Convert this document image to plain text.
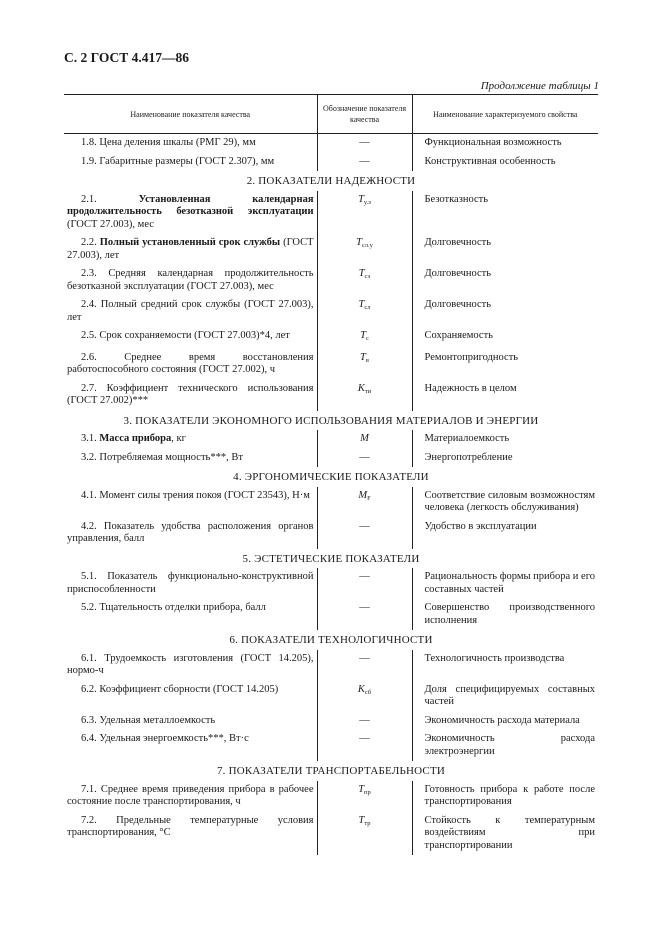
С. 2 ГОСТ 4.417—86
Продолжение таблицы 1
Наименование показателя качества	Обозначение показателя качества	Наименование характеризуемого свойства
1.8. Цена деления шкалы (РМГ 29), мм	—	Функциональная возможность
1.9. Габаритные размеры (ГОСТ 2.307), мм	—	Конструктивная особенность
2. ПОКАЗАТЕЛИ НАДЕЖНОСТИ		
2.1. Установленная календарная продолжительность безотказной эксплуатации (ГОСТ 27.003), мес	$T_{у.э}$	Безотказность
2.2. Полный установленный срок службы (ГОСТ 27.003), лет	$T_{сл.у}$	Долговечность
2.3. Средняя календарная продолжительность безотказной эксплуатации (ГОСТ 27.003), мес	$T_{сэ}$	Долговечность
2.4. Полный средний срок службы (ГОСТ 27.003), лет	$T_{сл}$	Долговечность
2.5. Срок сохраняемости (ГОСТ 27.003)*4, лет	$T_с$	Сохраняемость
2.6. Среднее время восстановления работоспособного состояния (ГОСТ 27.002), ч	$T_в$	Ремонтопригодность
2.7. Коэффициент технического использования (ГОСТ 27.002)***	$K_{ти}$	Надежность в целом
3. ПОКАЗАТЕЛИ ЭКОНОМНОГО ИСПОЛЬЗОВАНИЯ МАТЕРИАЛОВ И ЭНЕРГИИ		
3.1. Масса прибора, кг	M	Материалоемкость
3.2. Потребляемая мощность***, Вт	—	Энергопотребление
4. ЭРГОНОМИЧЕСКИЕ ПОКАЗАТЕЛИ		
4.1. Момент силы трения покоя (ГОСТ 23543), Н·м	$M_F$	Соответствие силовым возможностям человека (легкость обслуживания)
4.2. Показатель удобства расположения органов управления, балл	—	Удобство в эксплуатации
5. ЭСТЕТИЧЕСКИЕ ПОКАЗАТЕЛИ		
5.1. Показатель функционально-конструктивной приспособленности	—	Рациональность формы прибора и его составных частей
5.2. Тщательность отделки прибора, балл	—	Совершенство производственного исполнения
6. ПОКАЗАТЕЛИ ТЕХНОЛОГИЧНОСТИ		
6.1. Трудоемкость изготовления (ГОСТ 14.205), нормо-ч	—	Технологичность производства
6.2. Коэффициент сборности (ГОСТ 14.205)	$K_{сб}$	Доля специфицируемых составных частей
6.3. Удельная металлоемкость	—	Экономичность расхода материала
6.4. Удельная энергоемкость***, Вт·с	—	Экономичность расхода электроэнергии
7. ПОКАЗАТЕЛИ ТРАНСПОРТАБЕЛЬНОСТИ		
7.1. Среднее время приведения прибора в рабочее состояние после транспортирования, ч	$T_{пр}$	Готовность прибора к работе после транспортирования
7.2. Предельные температурные условия транспортирования, °С	$T_{тр}$	Стойкость к температурным воздействиям при транспортировании
